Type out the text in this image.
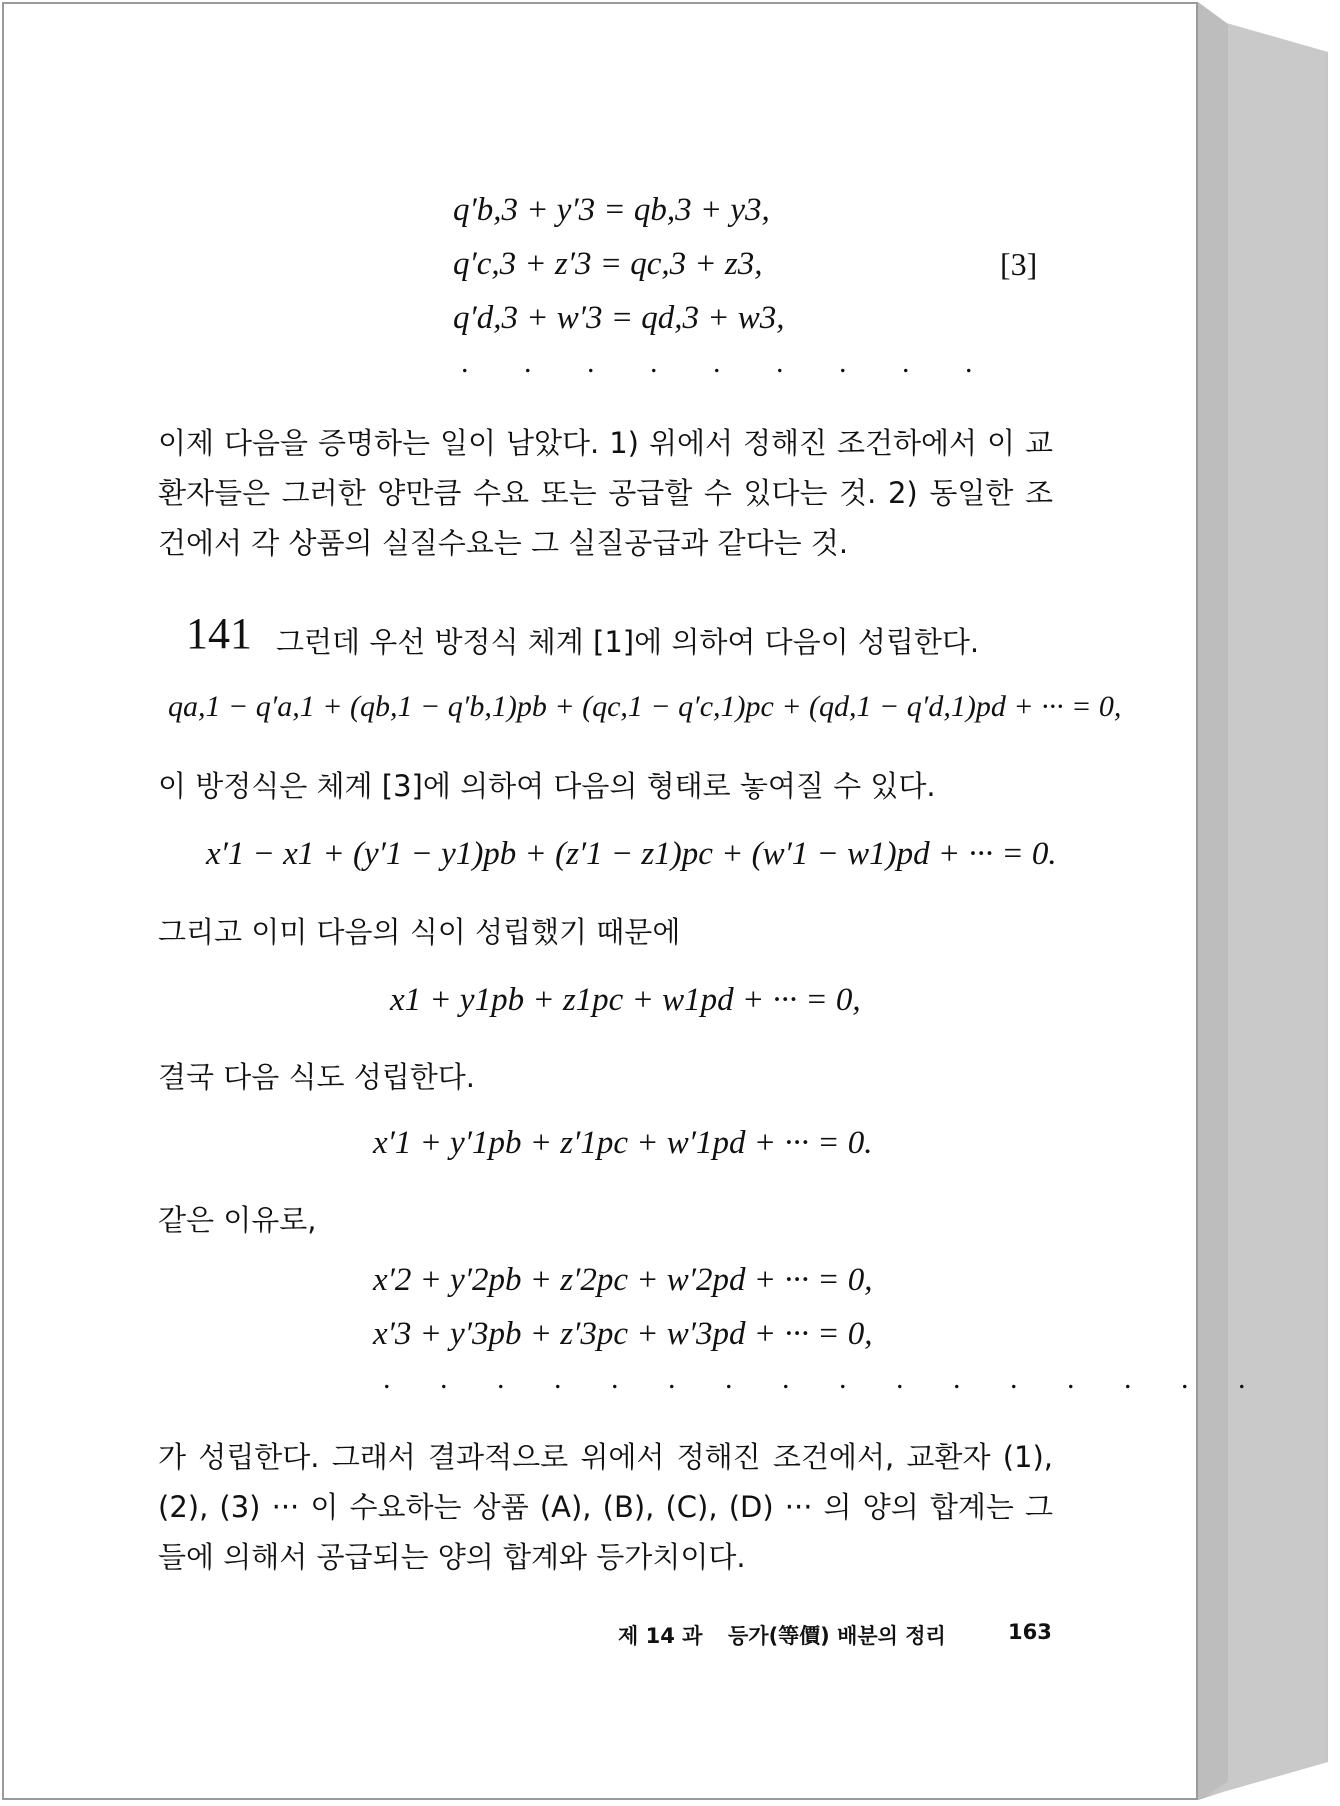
q′b,3 + y′3 = qb,3 + y3,
q′c,3 + z′3 = qc,3 + z3,	[3]
q′d,3 + w′3 = qd,3 + w3,
. . . . . . . . .
이제 다음을 증명하는 일이 남았다. 1) 위에서 정해진 조건하에서 이 교환자들은 그러한 양만큼 수요 또는 공급할 수 있다는 것. 2) 동일한 조건에서 각 상품의 실질수요는 그 실질공급과 같다는 것.
141 그런데 우선 방정식 체계 [1]에 의하여 다음이 성립한다.
qa,1 − q′a,1 + (qb,1 − q′b,1)pb + (qc,1 − q′c,1)pc + (qd,1 − q′d,1)pd + ··· = 0,
이 방정식은 체계 [3]에 의하여 다음의 형태로 놓여질 수 있다.
x′1 − x1 + (y′1 − y1)pb + (z′1 − z1)pc + (w′1 − w1)pd + ··· = 0.
그리고 이미 다음의 식이 성립했기 때문에
x1 + y1pb + z1pc + w1pd + ··· = 0,
결국 다음 식도 성립한다.
x′1 + y′1pb + z′1pc + w′1pd + ··· = 0.
같은 이유로,
x′2 + y′2pb + z′2pc + w′2pd + ··· = 0,
x′3 + y′3pb + z′3pc + w′3pd + ··· = 0,
. . . . . . . . . . . . . . . .
가 성립한다. 그래서 결과적으로 위에서 정해진 조건에서, 교환자 (1), (2), (3) ··· 이 수요하는 상품 (A), (B), (C), (D) ··· 의 양의 합계는 그들에 의해서 공급되는 양의 합계와 등가치이다.
제 14 과 등가(等價) 배분의 정리	163
